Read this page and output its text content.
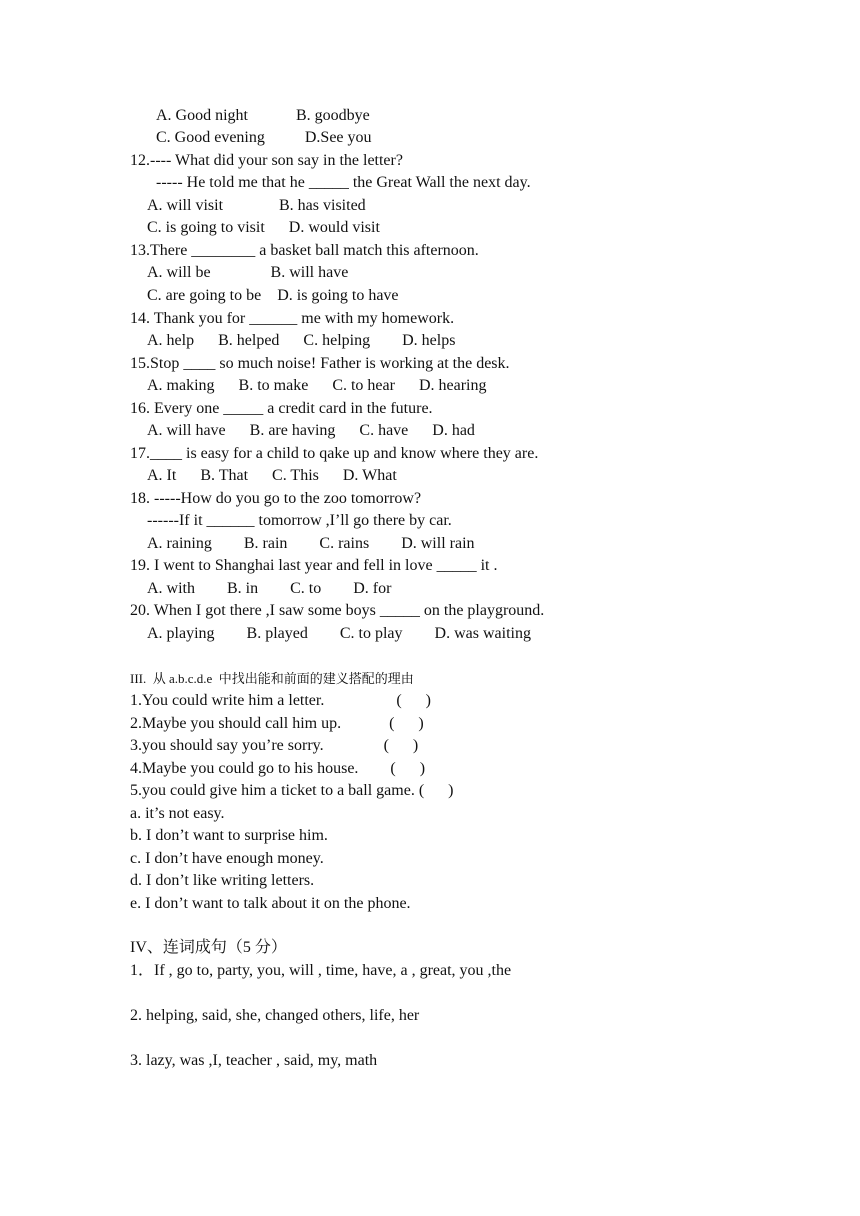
A. Good night            B. goodbye
C. Good evening          D.See you
12.---- What did your son say in the letter?
----- He told me that he _____ the Great Wall the next day.
A. will visit              B. has visited
C. is going to visit      D. would visit
13.There ________ a basket ball match this afternoon.
A. will be               B. will have
C. are going to be    D. is going to have
14. Thank you for ______ me with my homework.
A. help      B. helped      C. helping        D. helps
15.Stop ____ so much noise! Father is working at the desk.
A. making      B. to make      C. to hear      D. hearing
16. Every one _____ a credit card in the future.
A. will have      B. are having      C. have      D. had
17.____ is easy for a child to qake up and know where they are.
A. It      B. That      C. This      D. What
18. -----How do you go to the zoo tomorrow?
------If it ______ tomorrow ,I’ll go there by car.
A. raining        B. rain        C. rains        D. will rain
19. I went to Shanghai last year and fell in love _____ it .
A. with        B. in        C. to        D. for
20. When I got there ,I saw some boys _____ on the playground.
A. playing        B. played        C. to play        D. was waiting
III.  从 a.b.c.d.e  中找出能和前面的建义搭配的理由
1.You could write him a letter.                  (      )
2.Maybe you should call him up.            (      )
3.you should say you’re sorry.               (      )
4.Maybe you could go to his house.        (      )
5.you could give him a ticket to a ball game. (      )
a. it’s not easy.
b. I don’t want to surprise him.
c. I don’t have enough money.
d. I don’t like writing letters.
e. I don’t want to talk about it on the phone.
IV、连词成句（5 分）
1．If , go to, party, you, will , time, have, a , great, you ,the
2. helping, said, she, changed others, life, her
3. lazy, was ,I, teacher , said, my, math
